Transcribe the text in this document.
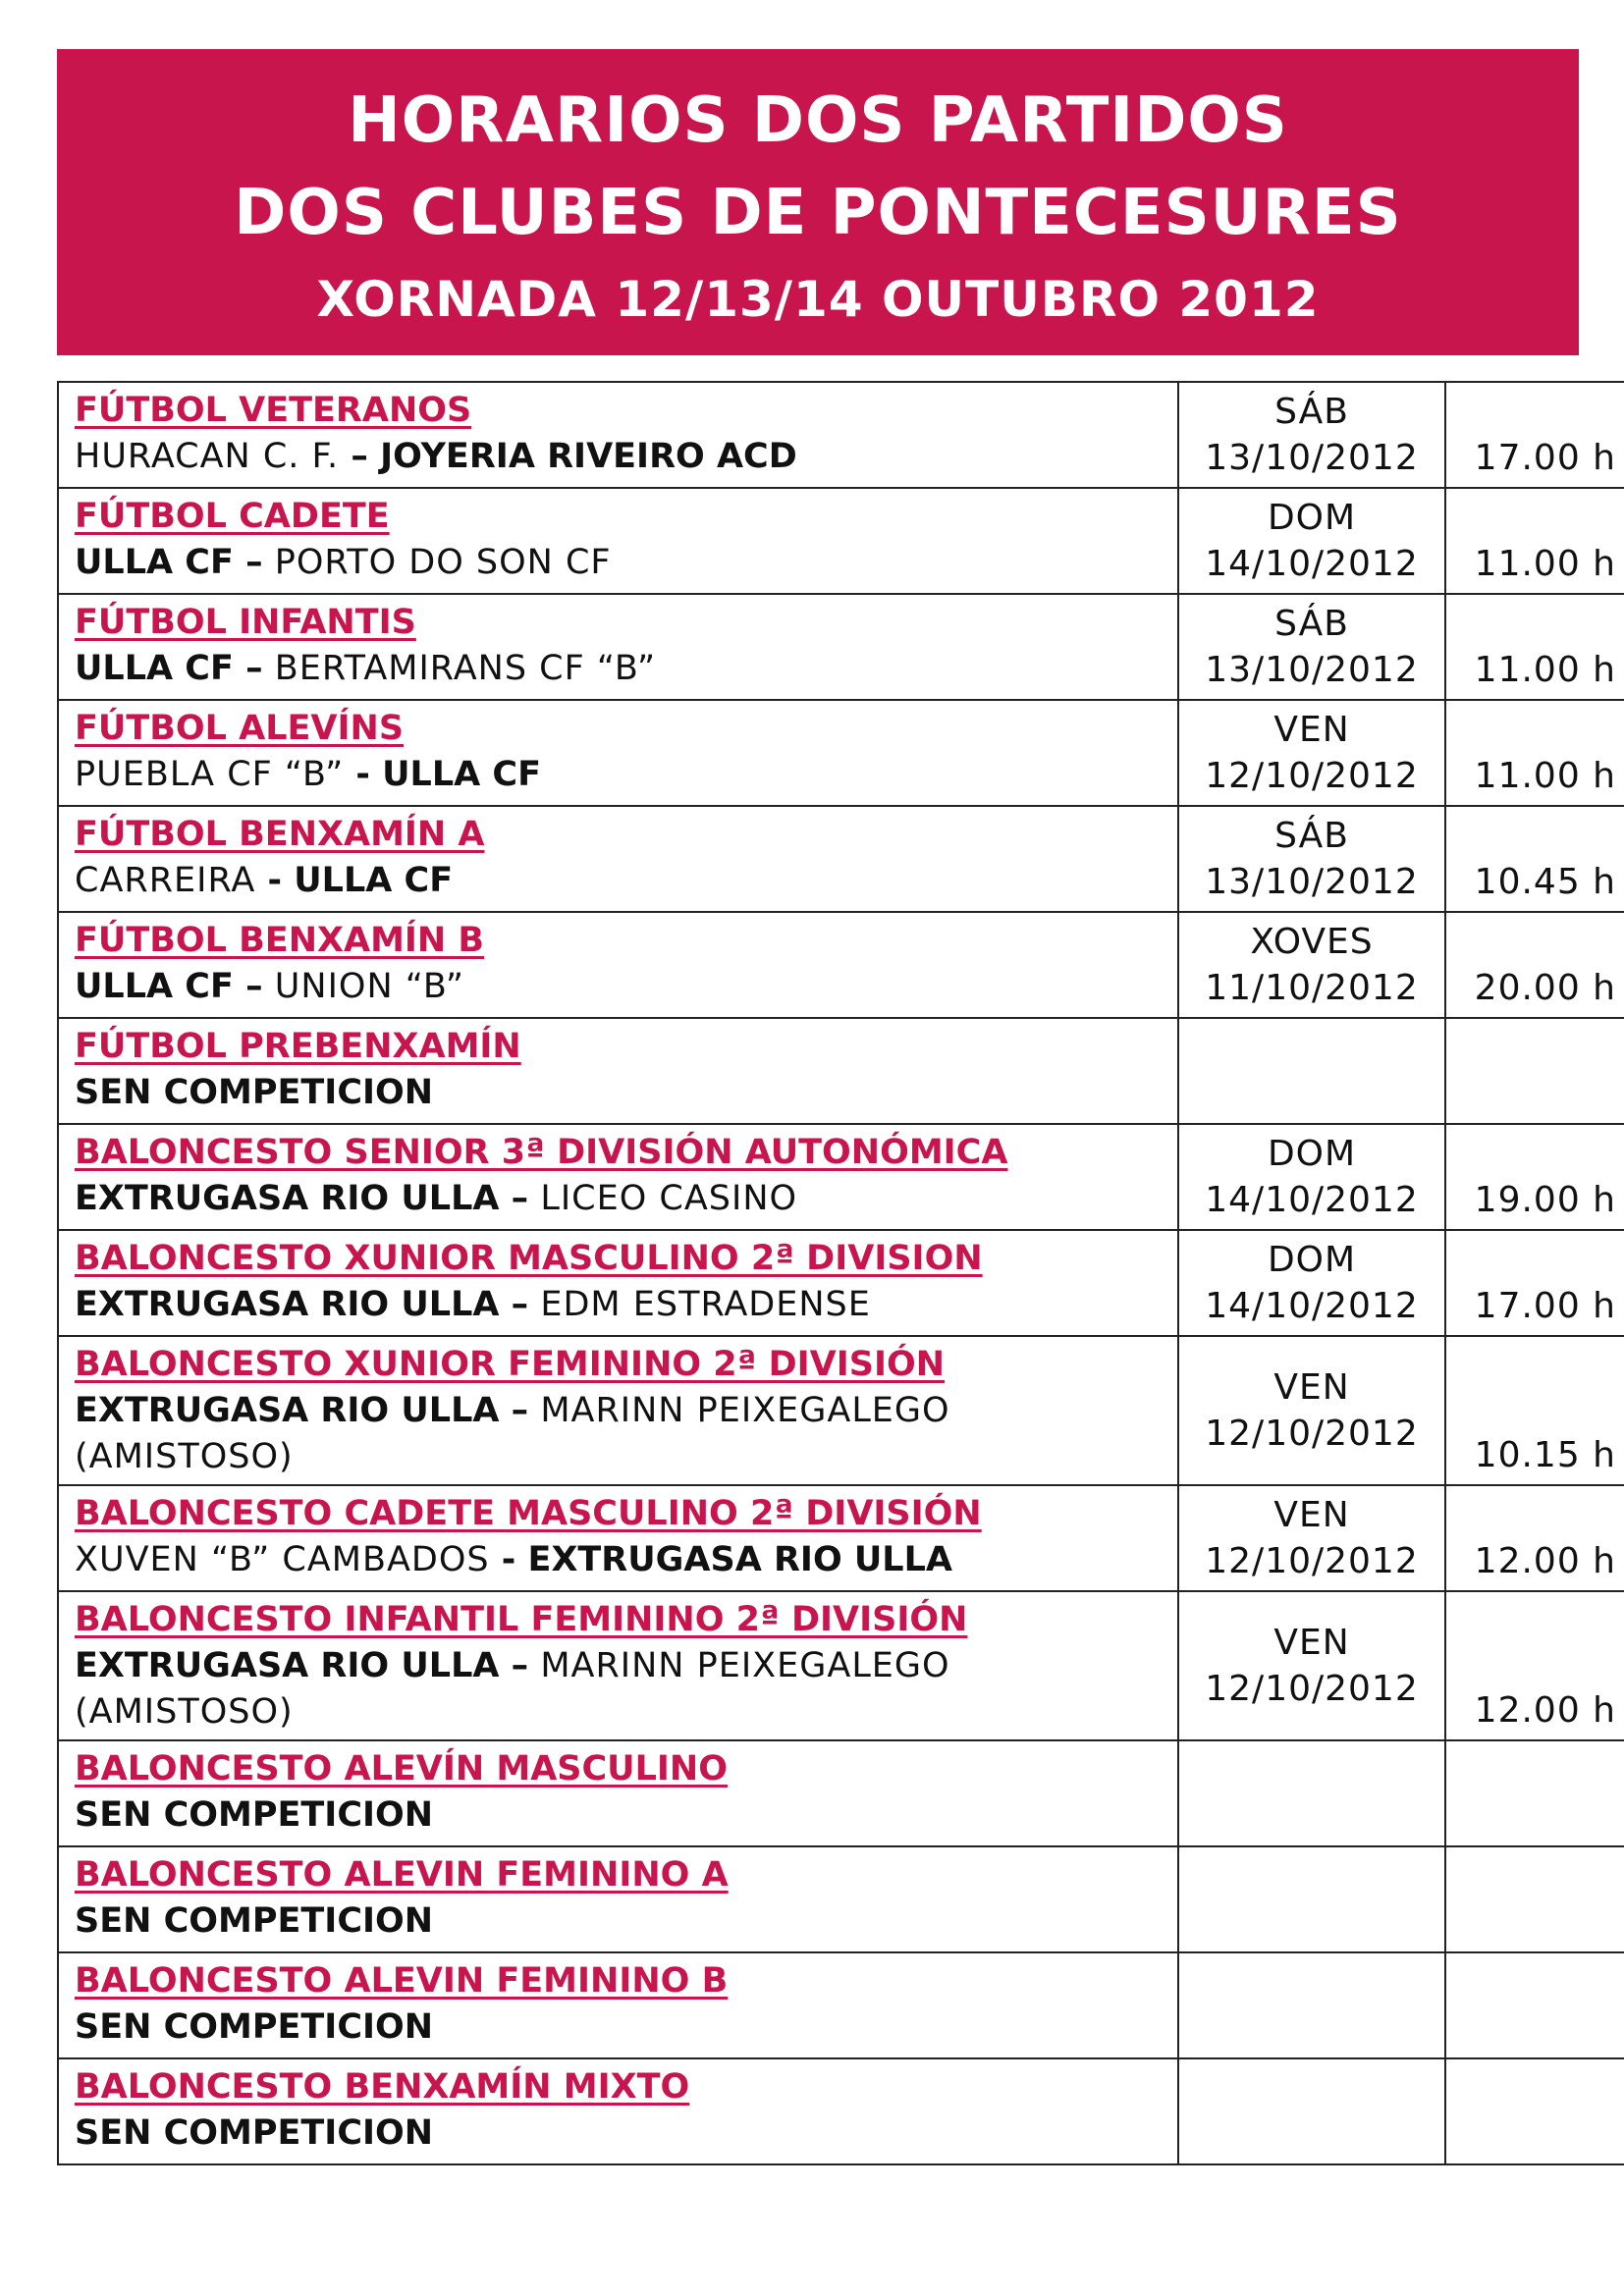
HORARIOS DOS PARTIDOS
DOS CLUBES DE PONTECESURES
XORNADA 12/13/14 OUTUBRO 2012
FÚTBOL VETERANOS
HURACAN C. F. – JOYERIA RIVEIRO ACD	SÁB
13/10/2012	17.00 h

FÚTBOL CADETE
ULLA CF – PORTO DO SON CF	DOM
14/10/2012	11.00 h

FÚTBOL INFANTIS
ULLA CF – BERTAMIRANS CF “B”	SÁB
13/10/2012	11.00 h

FÚTBOL ALEVÍNS
PUEBLA CF “B” - ULLA CF	VEN
12/10/2012	11.00 h

FÚTBOL BENXAMÍN A
CARREIRA - ULLA CF	SÁB
13/10/2012	10.45 h

FÚTBOL BENXAMÍN B
ULLA CF – UNION “B”	XOVES
11/10/2012	20.00 h

FÚTBOL PREBENXAMÍN
SEN COMPETICION		

BALONCESTO SENIOR 3ª DIVISIÓN AUTONÓMICA
EXTRUGASA RIO ULLA – LICEO CASINO	DOM
14/10/2012	19.00 h

BALONCESTO XUNIOR MASCULINO 2ª DIVISION
EXTRUGASA RIO ULLA – EDM ESTRADENSE	DOM
14/10/2012	17.00 h

BALONCESTO XUNIOR FEMININO 2ª DIVISIÓN
EXTRUGASA RIO ULLA – MARINN PEIXEGALEGO
(AMISTOSO)	VEN
12/10/2012	10.15 h

BALONCESTO CADETE MASCULINO 2ª DIVISIÓN
XUVEN “B” CAMBADOS - EXTRUGASA RIO ULLA	VEN
12/10/2012	12.00 h

BALONCESTO INFANTIL FEMININO 2ª DIVISIÓN
EXTRUGASA RIO ULLA – MARINN PEIXEGALEGO
(AMISTOSO)	VEN
12/10/2012	12.00 h

BALONCESTO ALEVÍN MASCULINO
SEN COMPETICION		

BALONCESTO ALEVIN FEMININO A
SEN COMPETICION		

BALONCESTO ALEVIN FEMININO B
SEN COMPETICION		

BALONCESTO BENXAMÍN MIXTO
SEN COMPETICION		
